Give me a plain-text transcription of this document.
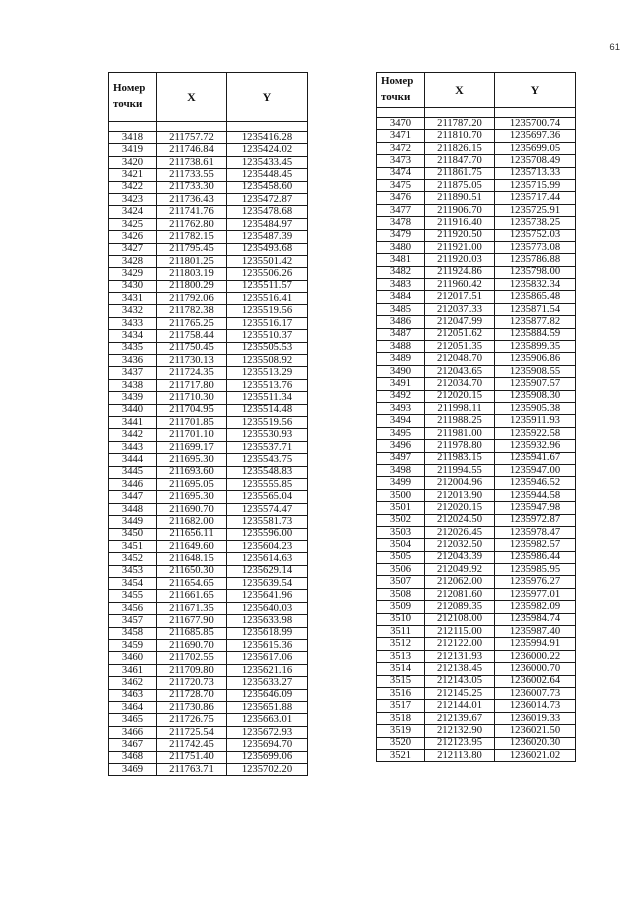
61
Номер точки	X	Y

3418	211757.72	1235416.28
3419	211746.84	1235424.02
3420	211738.61	1235433.45
3421	211733.55	1235448.45
3422	211733.30	1235458.60
3423	211736.43	1235472.87
3424	211741.76	1235478.68
3425	211762.80	1235484.97
3426	211782.15	1235487.39
3427	211795.45	1235493.68
3428	211801.25	1235501.42
3429	211803.19	1235506.26
3430	211800.29	1235511.57
3431	211792.06	1235516.41
3432	211782.38	1235519.56
3433	211765.25	1235516.17
3434	211758.44	1235510.37
3435	211750.45	1235505.53
3436	211730.13	1235508.92
3437	211724.35	1235513.29
3438	211717.80	1235513.76
3439	211710.30	1235511.34
3440	211704.95	1235514.48
3441	211701.85	1235519.56
3442	211701.10	1235530.93
3443	211699.17	1235537.71
3444	211695.30	1235543.75
3445	211693.60	1235548.83
3446	211695.05	1235555.85
3447	211695.30	1235565.04
3448	211690.70	1235574.47
3449	211682.00	1235581.73
3450	211656.11	1235596.00
3451	211649.60	1235604.23
3452	211648.15	1235614.63
3453	211650.30	1235629.14
3454	211654.65	1235639.54
3455	211661.65	1235641.96
3456	211671.35	1235640.03
3457	211677.90	1235633.98
3458	211685.85	1235618.99
3459	211690.70	1235615.36
3460	211702.55	1235617.06
3461	211709.80	1235621.16
3462	211720.73	1235633.27
3463	211728.70	1235646.09
3464	211730.86	1235651.88
3465	211726.75	1235663.01
3466	211725.54	1235672.93
3467	211742.45	1235694.70
3468	211751.40	1235699.06
3469	211763.71	1235702.20
Номер точки	X	Y

3470	211787.20	1235700.74
3471	211810.70	1235697.36
3472	211826.15	1235699.05
3473	211847.70	1235708.49
3474	211861.75	1235713.33
3475	211875.05	1235715.99
3476	211890.51	1235717.44
3477	211906.70	1235725.91
3478	211916.40	1235738.25
3479	211920.50	1235752.03
3480	211921.00	1235773.08
3481	211920.03	1235786.88
3482	211924.86	1235798.00
3483	211960.42	1235832.34
3484	212017.51	1235865.48
3485	212037.33	1235871.54
3486	212047.99	1235877.82
3487	212051.62	1235884.59
3488	212051.35	1235899.35
3489	212048.70	1235906.86
3490	212043.65	1235908.55
3491	212034.70	1235907.57
3492	212020.15	1235908.30
3493	211998.11	1235905.38
3494	211988.25	1235911.93
3495	211981.00	1235922.58
3496	211978.80	1235932.96
3497	211983.15	1235941.67
3498	211994.55	1235947.00
3499	212004.96	1235946.52
3500	212013.90	1235944.58
3501	212020.15	1235947.98
3502	212024.50	1235972.87
3503	212026.45	1235978.47
3504	212032.50	1235982.57
3505	212043.39	1235986.44
3506	212049.92	1235985.95
3507	212062.00	1235976.27
3508	212081.60	1235977.01
3509	212089.35	1235982.09
3510	212108.00	1235984.74
3511	212115.00	1235987.40
3512	212122.00	1235994.91
3513	212131.93	1236000.22
3514	212138.45	1236000.70
3515	212143.05	1236002.64
3516	212145.25	1236007.73
3517	212144.01	1236014.73
3518	212139.67	1236019.33
3519	212132.90	1236021.50
3520	212123.95	1236020.30
3521	212113.80	1236021.02
